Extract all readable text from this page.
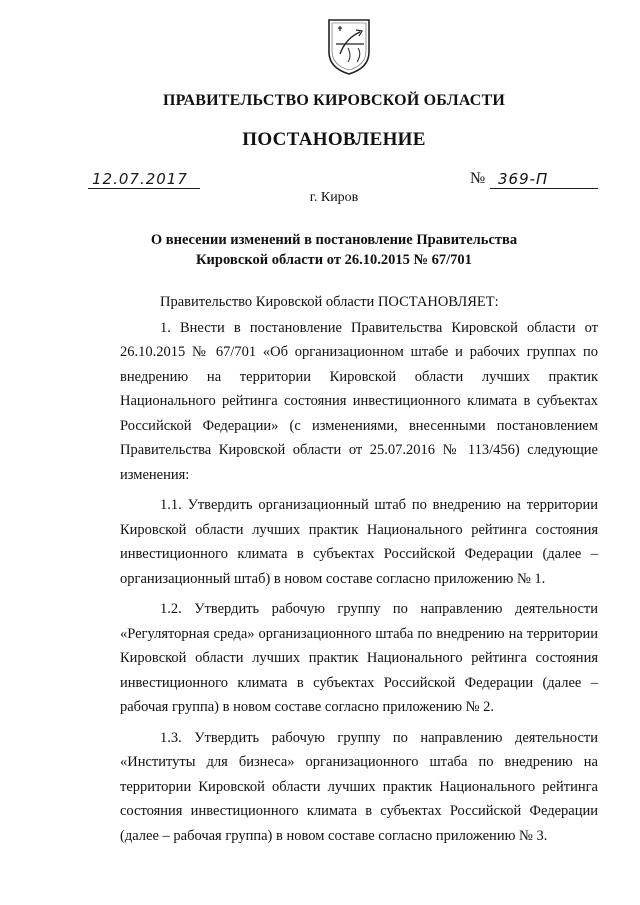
ПРАВИТЕЛЬСТВО КИРОВСКОЙ ОБЛАСТИ
ПОСТАНОВЛЕНИЕ
12.07.2017	№ 369-П
г. Киров
О внесении изменений в постановление Правительства
Кировской области от 26.10.2015 № 67/701

Правительство Кировской области ПОСТАНОВЛЯЕТ:

1. Внести в постановление Правительства Кировской области от 26.10.2015 № 67/701 «Об организационном штабе и рабочих группах по внедрению на территории Кировской области лучших практик Национального рейтинга состояния инвестиционного климата в субъектах Российской Федерации» (с изменениями, внесенными постановлением Правительства Кировской области от 25.07.2016 № 113/456) следующие изменения:

1.1. Утвердить организационный штаб по внедрению на территории Кировской области лучших практик Национального рейтинга состояния инвестиционного климата в субъектах Российской Федерации (далее – организационный штаб) в новом составе согласно приложению № 1.

1.2. Утвердить рабочую группу по направлению деятельности «Регуляторная среда» организационного штаба по внедрению на территории Кировской области лучших практик Национального рейтинга состояния инвестиционного климата в субъектах Российской Федерации (далее – рабочая группа) в новом составе согласно приложению № 2.

1.3. Утвердить рабочую группу по направлению деятельности «Институты для бизнеса» организационного штаба по внедрению на территории Кировской области лучших практик Национального рейтинга состояния инвестиционного климата в субъектах Российской Федерации (далее – рабочая группа) в новом составе согласно приложению № 3.
